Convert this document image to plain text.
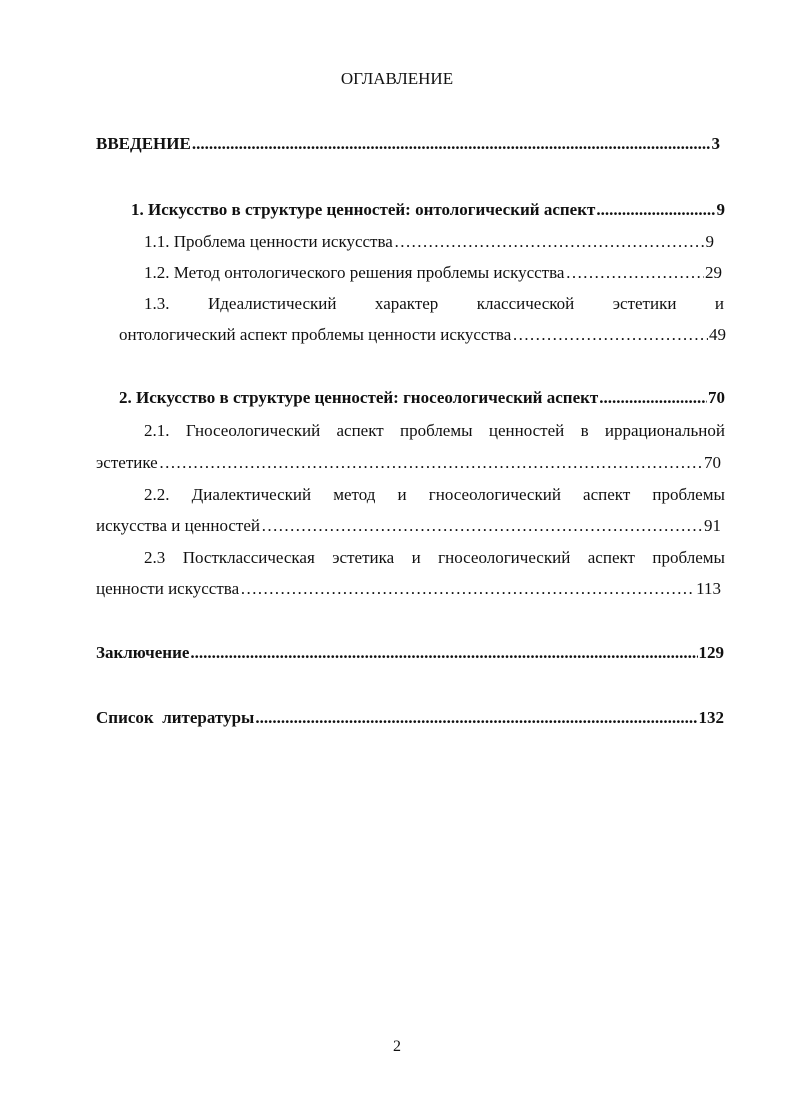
ОГЛАВЛЕНИЕ
ВВЕДЕНИЕ .....	3
1. Искусство в структуре ценностей: онтологический аспект .....	9
1.1. Проблема ценности искусства …………………………………………………………………………………………………………………………………………………………………………………………………………	9
1.2. Метод онтологического решения проблемы искусства …………………………………………………………………………………………………………………………………………………………………………………………………………	29
1.3. Идеалистический характер классической эстетики и
онтологический аспект проблемы ценности искусства …………………………………………………………………………………………………………………………………………………………………………………………………………	49
2. Искусство в структуре ценностей: гносеологический аспект .....	70
2.1. Гносеологический аспект проблемы ценностей в иррациональной
эстетике …………………………………………………………………………………………………………………………………………………………………………………………………………	70
2.2. Диалектический метод и гносеологический аспект проблемы
искусства и ценностей …………………………………………………………………………………………………………………………………………………………………………………………………………	91
2.3 Постклассическая эстетика и гносеологический аспект проблемы
ценности искусства …………………………………………………………………………………………………………………………………………………………………………………………………………	113
Заключение .....	129
Список  литературы .....	132
2
